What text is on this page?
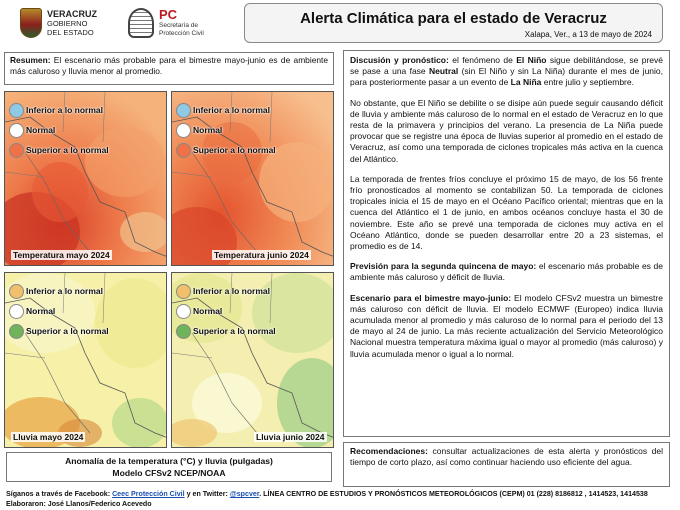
VERACRUZ
GOBIERNO
DEL ESTADO
PC
Secretaría de
Protección Civil
Alerta Climática para el estado de Veracruz
Xalapa, Ver., a 13 de mayo de 2024
Resumen: El escenario más probable para el bimestre mayo-junio es de ambiente más caluroso y lluvia menor al promedio.
Inferior a lo normal
Normal
Superior a lo normal
Temperatura mayo 2024
Inferior a lo normal
Normal
Superior a lo normal
Temperatura junio 2024
Inferior a lo normal
Normal
Superior a lo normal
Lluvia mayo 2024
Inferior a lo normal
Normal
Superior a lo normal
Lluvia junio 2024
Anomalía de la temperatura (°C) y lluvia (pulgadas)
Modelo CFSv2 NCEP/NOAA

Discusión y pronóstico: el fenómeno de El Niño sigue debilitándose, se prevé se pase a una fase Neutral (sin El Niño y sin La Niña) durante el mes de junio, para posteriormente pasar a un evento de La Niña entre julio y septiembre.

No obstante, que El Niño se debilite o se disipe aún puede seguir causando déficit de lluvia y ambiente más caluroso de lo normal en el estado de Veracruz en lo que resta de la primavera y principios del verano. La presencia de La Niña puede provocar que se registre una época de lluvias superior al promedio en el estado de Veracruz, así como una temporada de ciclones tropicales más activa en la cuenca del Atlántico.

La temporada de frentes fríos concluye el próximo 15 de mayo, de los 56 frente frío pronosticados al momento se contabilizan 50. La temporada de ciclones tropicales inicia el 15 de mayo en el Océano Pacífico oriental; mientras que en la cuenca del Atlántico el 1 de junio, en ambos océanos concluye hasta el 30 de noviembre. Este año se prevé una temporada de ciclones muy activa en el Océano Atlántico, donde se pueden desarrollar entre 20 a 23 sistemas, el promedio es de 14.

Previsión para la segunda quincena de mayo: el escenario más probable es de ambiente más caluroso y déficit de lluvia.

Escenario para el bimestre mayo-junio: El modelo CFSv2 muestra un bimestre más caluroso con déficit de lluvia. El modelo ECMWF (Europeo) indica lluvia acumulada menor al promedio y más caluroso de lo normal para el periodo del 13 de mayo al 24 de junio. La más reciente actualización del Servicio Meteorológico Nacional muestra temperatura máxima igual o mayor al promedio (más caluroso) y lluvia acumulada menor o igual a lo normal.

Recomendaciones: consultar actualizaciones de esta alerta y pronósticos del tiempo de corto plazo, así como continuar haciendo uso eficiente del agua.
Síganos a través de Facebook: Ceec Protección Civil y en Twitter: @spcver. LÍNEA CENTRO DE ESTUDIOS Y PRONÓSTICOS METEOROLÓGICOS (CEPM) 01 (228) 8186812 , 1414523, 1414538
Elaboraron: José Llanos/Federico Acevedo
